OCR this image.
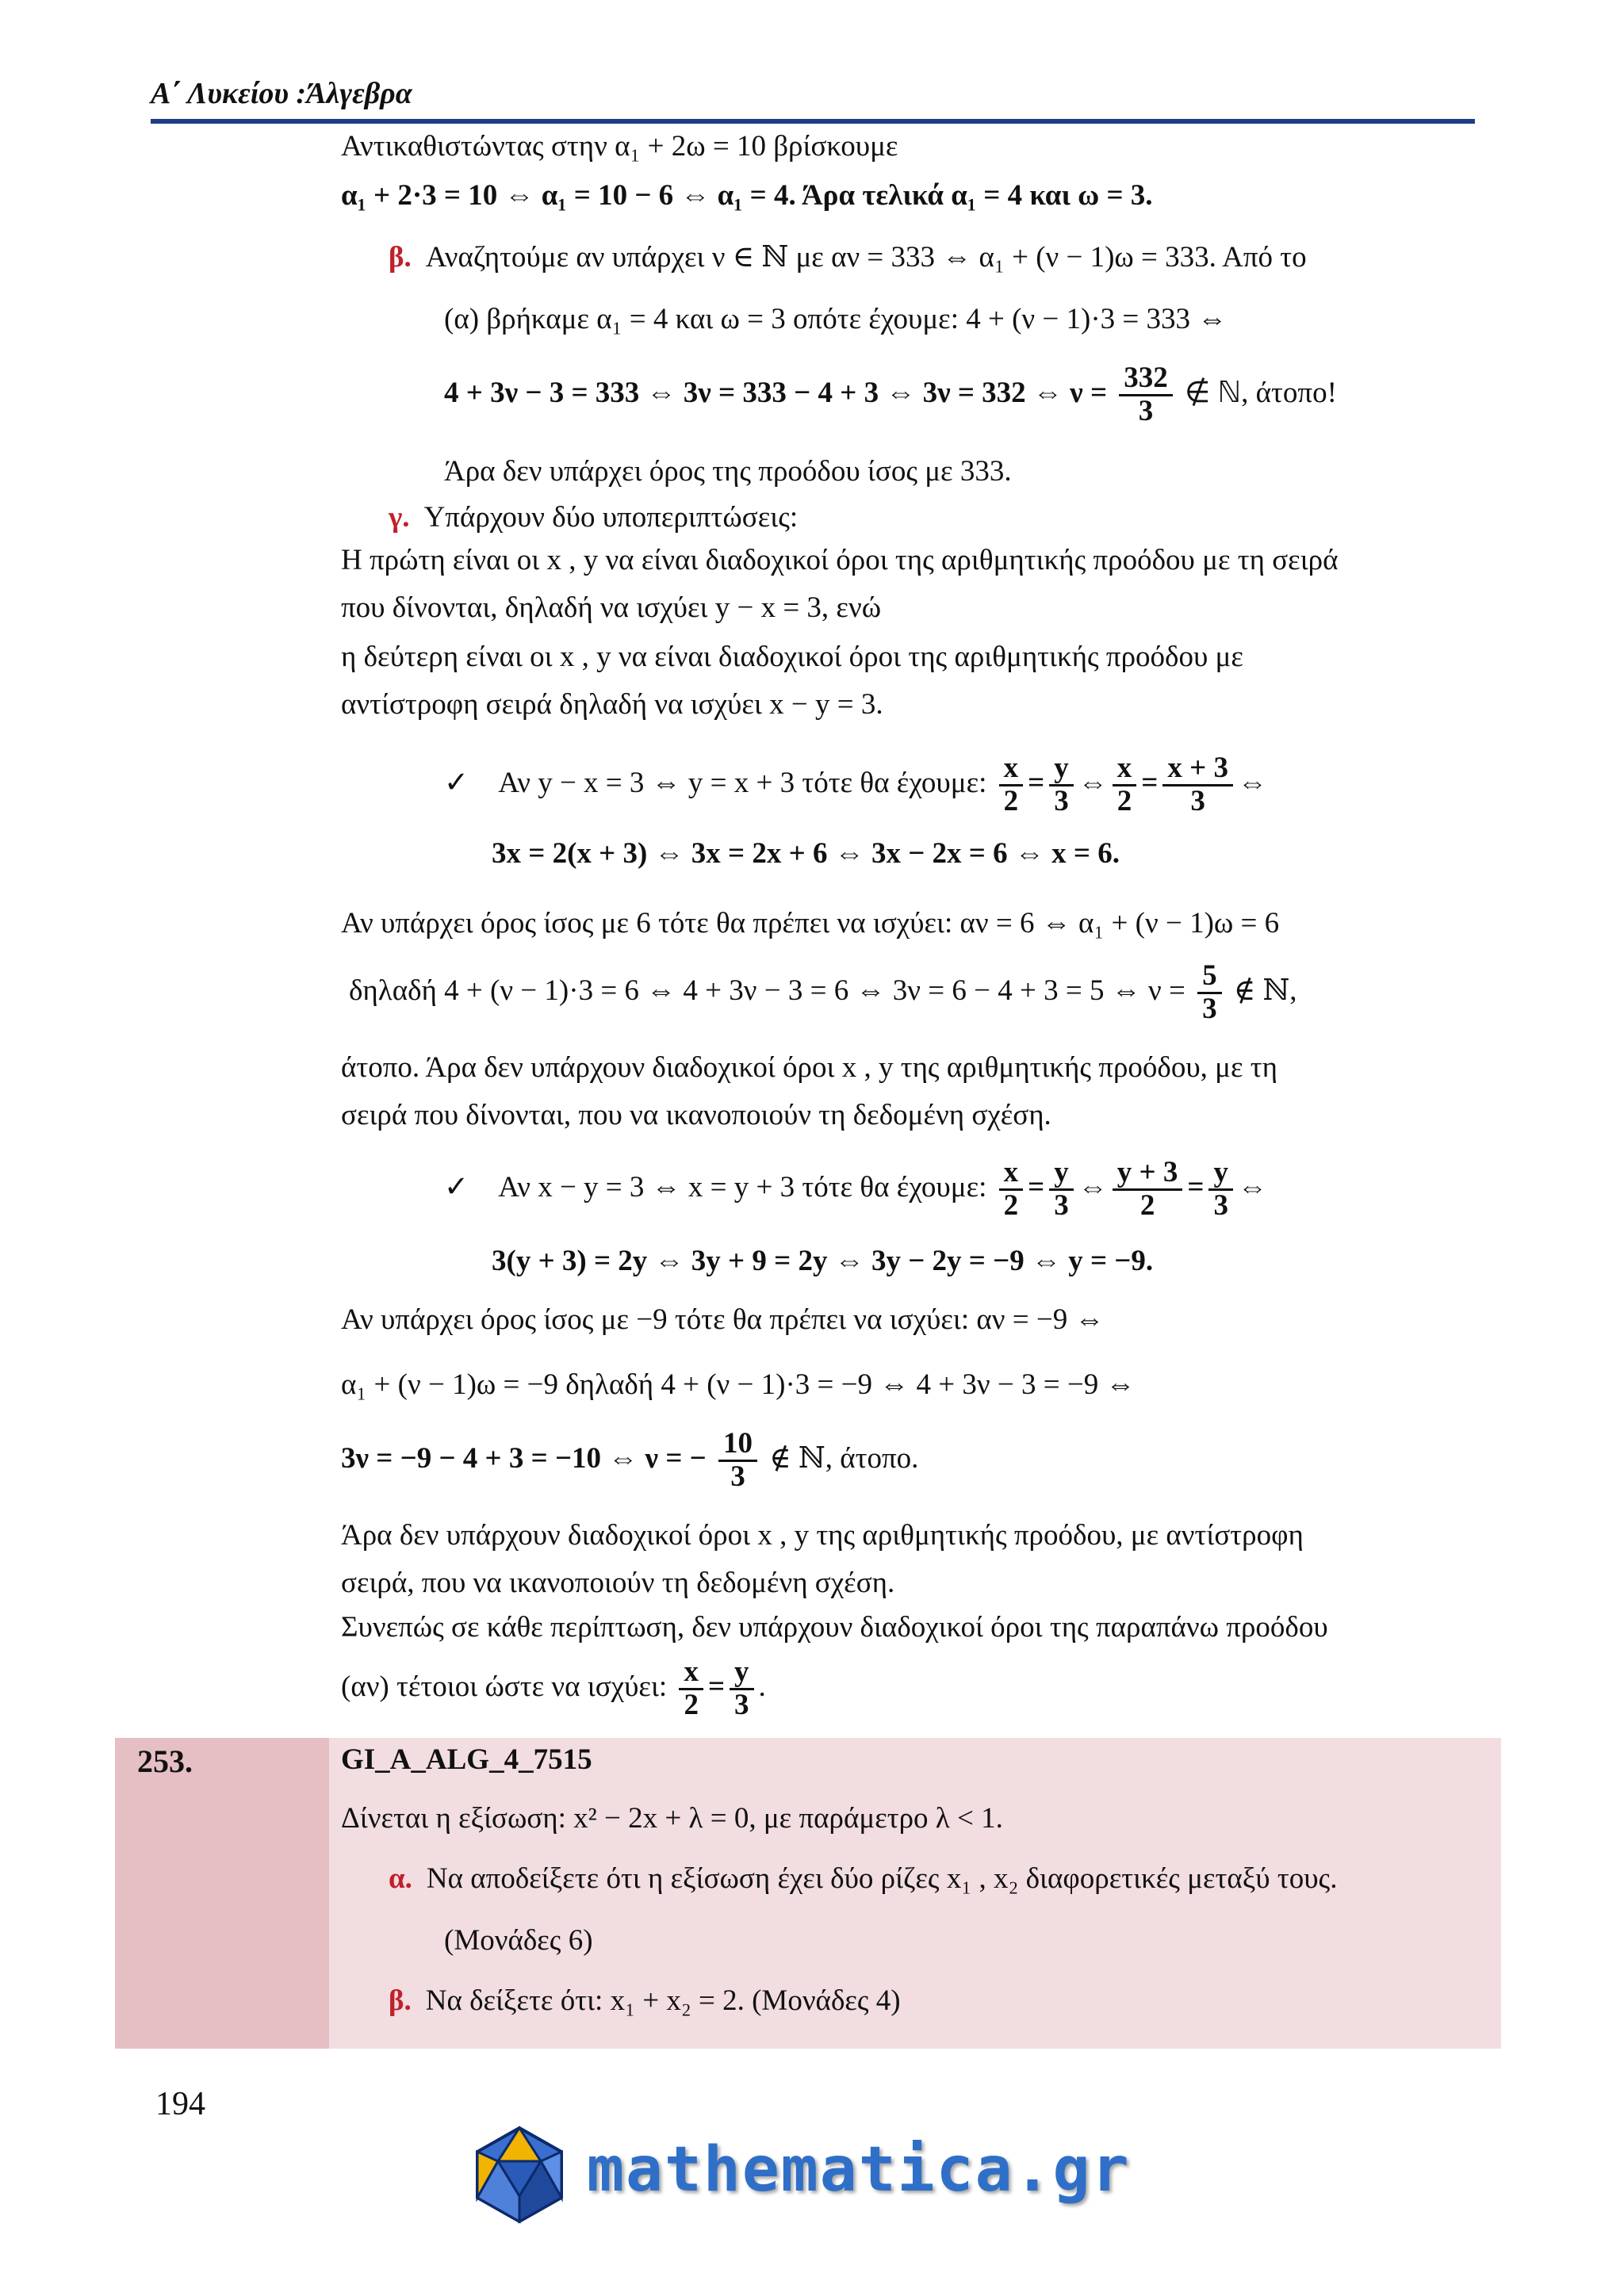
Α΄ Λυκείου :Άλγεβρα
Αντικαθιστώντας στην α₁ + 2ω = 10 βρίσκουμε
α₁ + 2·3 = 10 ⇔ α₁ = 10 − 6 ⇔ α₁ = 4. Άρα τελικά α₁ = 4 και ω = 3.
β. Αναζητούμε αν υπάρχει ν ∈ ℕ με αν = 333 ⇔ α₁ + (ν − 1)ω = 333. Από το
(α) βρήκαμε α₁ = 4 και ω = 3 οπότε έχουμε: 4 + (ν − 1)·3 = 333 ⇔
4 + 3ν − 3 = 333 ⇔ 3ν = 333 − 4 + 3 ⇔ 3ν = 332 ⇔ $\nu = \frac{332}{3}$ ∉ ℕ, άτοπο!
Άρα δεν υπάρχει όρος της προόδου ίσος με 333.
γ. Υπάρχουν δύο υποπεριπτώσεις:
Η πρώτη είναι οι x , y να είναι διαδοχικοί όροι της αριθμητικής προόδου με τη σειρά
που δίνονται, δηλαδή να ισχύει y − x = 3, ενώ
η δεύτερη είναι οι x , y να είναι διαδοχικοί όροι της αριθμητικής προόδου με
αντίστροφη σειρά δηλαδή να ισχύει x − y = 3.
✓ Αν y − x = 3 ⇔ y = x + 3 τότε θα έχουμε: $\frac{x}{2} = \frac{y}{3}$ ⇔ $\frac{x}{2} = \frac{x + 3}{3}$ ⇔
3x = 2(x + 3) ⇔ 3x = 2x + 6 ⇔ 3x − 2x = 6 ⇔ x = 6.
Αν υπάρχει όρος ίσος με 6 τότε θα πρέπει να ισχύει: αν = 6 ⇔ α₁ + (ν − 1)ω = 6
δηλαδή 4 + (ν − 1)·3 = 6 ⇔ 4 + 3ν − 3 = 6 ⇔ 3ν = 6 − 4 + 3 = 5 ⇔ $\nu = \frac{5}{3}$ ∉ ℕ,
άτοπο. Άρα δεν υπάρχουν διαδοχικοί όροι x , y της αριθμητικής προόδου, με τη
σειρά που δίνονται, που να ικανοποιούν τη δεδομένη σχέση.
✓ Αν x − y = 3 ⇔ x = y + 3 τότε θα έχουμε: $\frac{x}{2} = \frac{y}{3}$ ⇔ $\frac{y + 3}{2} = \frac{y}{3}$ ⇔
3(y + 3) = 2y ⇔ 3y + 9 = 2y ⇔ 3y − 2y = −9 ⇔ y = −9.
Αν υπάρχει όρος ίσος με −9 τότε θα πρέπει να ισχύει: αν = −9 ⇔
α₁ + (ν − 1)ω = −9 δηλαδή 4 + (ν − 1)·3 = −9 ⇔ 4 + 3ν − 3 = −9 ⇔
3ν = −9 − 4 + 3 = −10 ⇔ ν = − $\frac{10}{3}$ ∉ ℕ, άτοπο.
Άρα δεν υπάρχουν διαδοχικοί όροι x , y της αριθμητικής προόδου, με αντίστροφη
σειρά, που να ικανοποιούν τη δεδομένη σχέση.
Συνεπώς σε κάθε περίπτωση, δεν υπάρχουν διαδοχικοί όροι της παραπάνω προόδου
(αν) τέτοιοι ώστε να ισχύει: $\frac{x}{2} = \frac{y}{3}$ .
253.	GI_A_ALG_4_7515
Δίνεται η εξίσωση: x² − 2x + λ = 0, με παράμετρο λ < 1.
α. Να αποδείξετε ότι η εξίσωση έχει δύο ρίζες x₁ , x₂ διαφορετικές μεταξύ τους.
(Μονάδες 6)
β. Να δείξετε ότι: x₁ + x₂ = 2. (Μονάδες 4)
194
mathematica.gr
